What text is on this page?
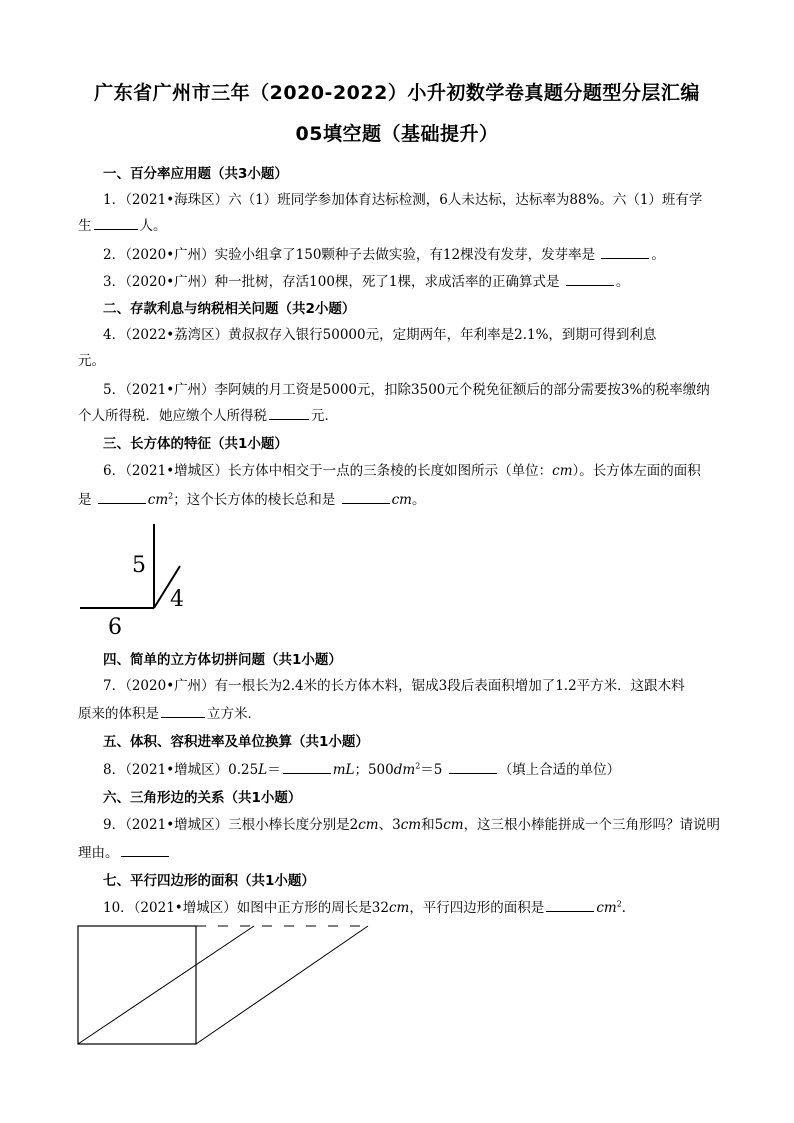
广东省广州市三年（2020-2022）小升初数学卷真题分题型分层汇编
05填空题（基础提升）
一、百分率应用题（共3小题）
1．（2021•海珠区）六（1）班同学参加体育达标检测，6人未达标，达标率为88%。六（1）班有学
生	人。
2．（2020•广州）实验小组拿了150颗种子去做实验，有12棵没有发芽，发芽率是	。
3．（2020•广州）种一批树，存活100棵，死了1棵，求成活率的正确算式是	。
二、存款利息与纳税相关问题（共2小题）
4．（2022•荔湾区）黄叔叔存入银行50000元，定期两年，年利率是2.1%，到期可得到利息
元。
5．（2021•广州）李阿姨的月工资是5000元，扣除3500元个税免征额后的部分需要按3%的税率缴纳
个人所得税．她应缴个人所得税	元．
三、长方体的特征（共1小题）
6．（2021•增城区）长方体中相交于一点的三条棱的长度如图所示（单位：cm）。长方体左面的面积
是	$cm^2$；这个长方体的棱长总和是	cm。
5
4
6
四、简单的立方体切拼问题（共1小题）
7．（2020•广州）有一根长为2.4米的长方体木料，锯成3段后表面积增加了1.2平方米．这跟木料
原来的体积是	立方米．
五、体积、容积进率及单位换算（共1小题）
8．（2021•增城区）0.25L＝	mL；$500dm^2=5$	（填上合适的单位）
六、三角形边的关系（共1小题）
9．（2021•增城区）三根小棒长度分别是2cm、3cm和5cm，这三根小棒能拼成一个三角形吗？请说明
理由。
七、平行四边形的面积（共1小题）
10．（2021•增城区）如图中正方形的周长是32cm，平行四边形的面积是	$cm^2$．
